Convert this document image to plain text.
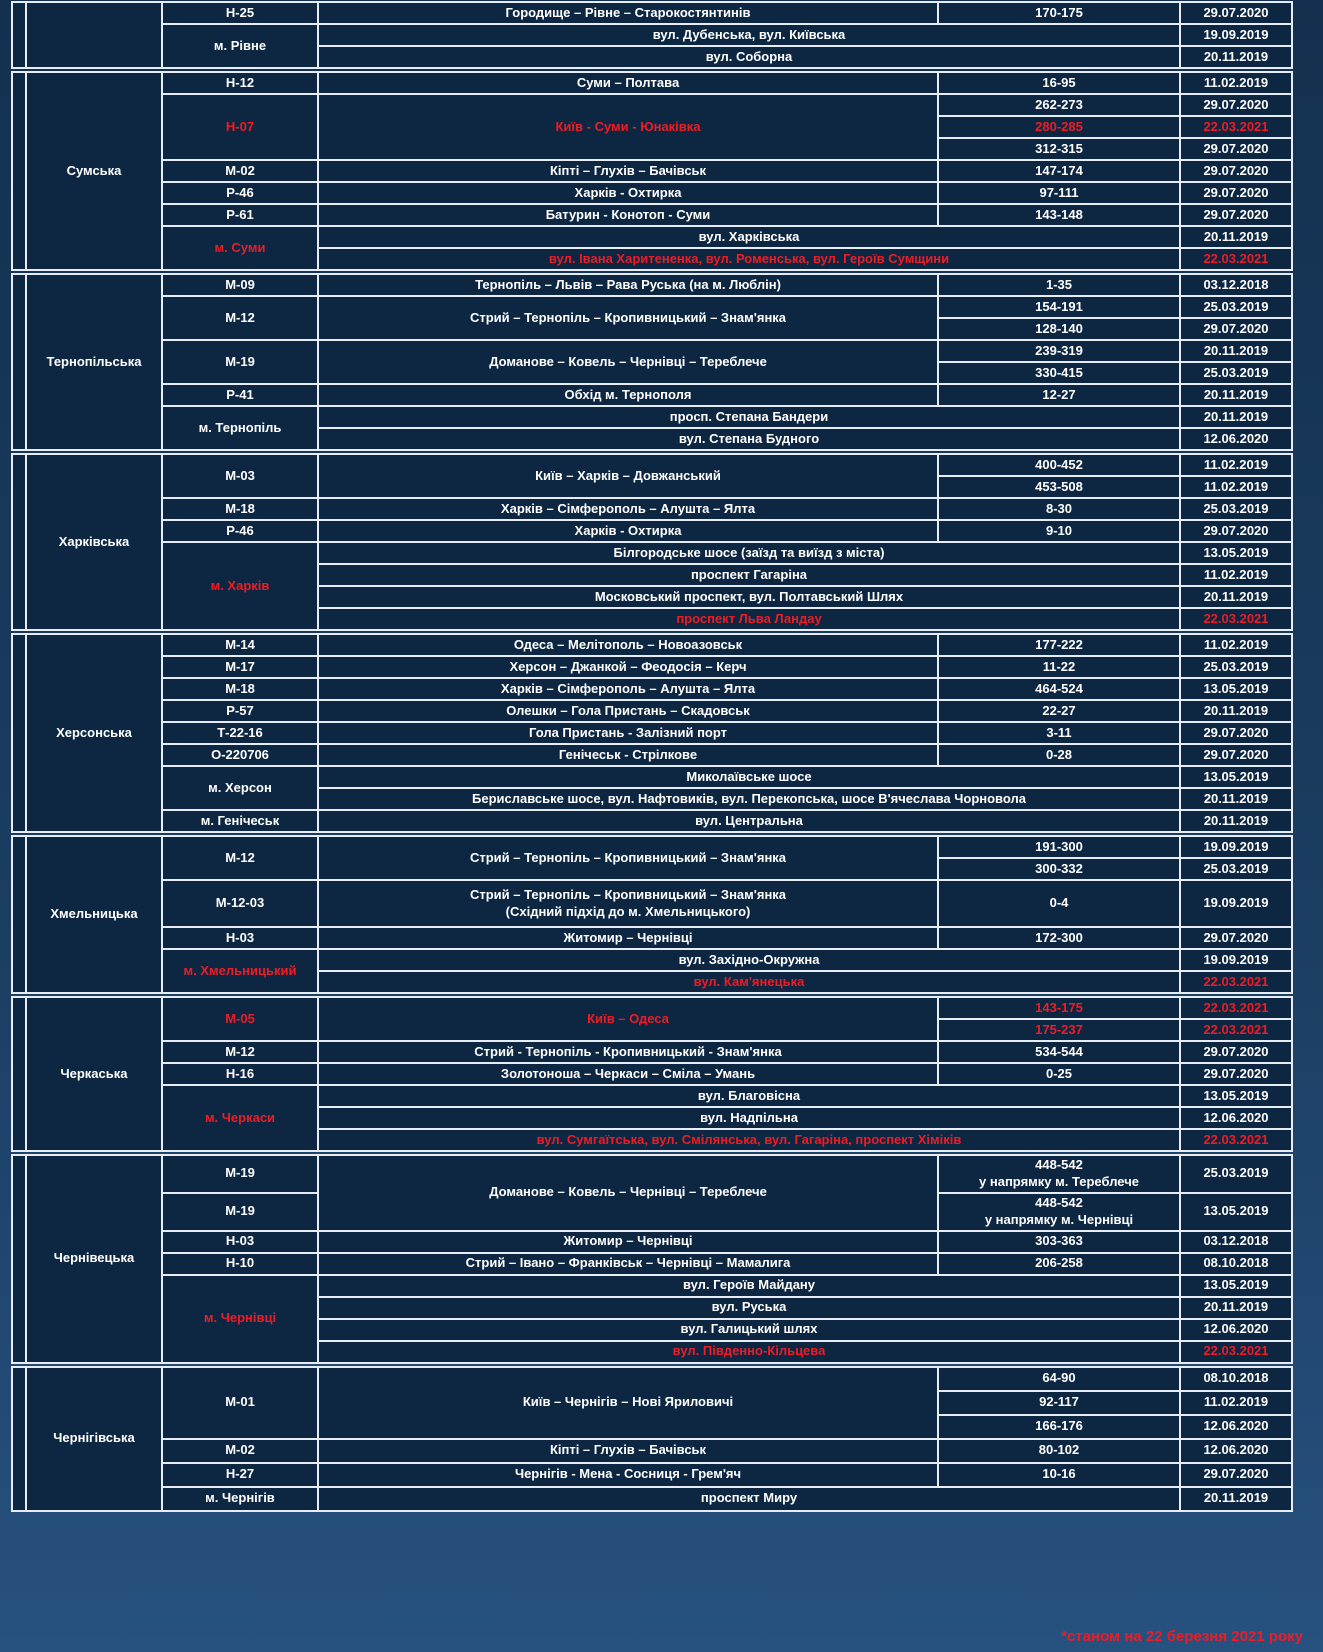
		Н-25	Городище – Рівне – Старокостянтинів	170-175	29.07.2020
		м. Рівне	вул. Дубенська, вул. Київська		19.09.2019
			вул. Соборна		20.11.2019
	Сумська	Н-12	Суми – Полтава	16-95	11.02.2019
		Н-07	Київ - Суми - Юнаківка	262-273	29.07.2020
				280-285	22.03.2021
				312-315	29.07.2020
		М-02	Кіпті – Глухів – Бачівськ	147-174	29.07.2020
		Р-46	Харків - Охтирка	97-111	29.07.2020
		Р-61	Батурин - Конотоп - Суми	143-148	29.07.2020
		м. Суми	вул. Харківська		20.11.2019
			вул. Івана Харитененка, вул. Роменська, вул. Героїв Сумщини		22.03.2021
	Тернопільська	М-09	Тернопіль – Львів – Рава Руська (на м. Люблін)	1-35	03.12.2018
		М-12	Стрий – Тернопіль – Кропивницький – Знам'янка	154-191	25.03.2019
				128-140	29.07.2020
		М-19	Доманове – Ковель – Чернівці – Тереблече	239-319	20.11.2019
				330-415	25.03.2019
		Р-41	Обхід м. Тернополя	12-27	20.11.2019
		м. Тернопіль	просп. Степана Бандери		20.11.2019
			вул. Степана Будного		12.06.2020
	Харківська	М-03	Київ – Харків – Довжанський	400-452	11.02.2019
				453-508	11.02.2019
		М-18	Харків – Сімферополь – Алушта – Ялта	8-30	25.03.2019
		Р-46	Харків - Охтирка	9-10	29.07.2020
		м. Харків	Білгородське шосе (заїзд та виїзд з міста)		13.05.2019
			проспект Гагаріна		11.02.2019
			Московський проспект, вул. Полтавський Шлях		20.11.2019
			проспект Льва Ландау		22.03.2021
	Херсонська	М-14	Одеса – Мелітополь – Новоазовськ	177-222	11.02.2019
		М-17	Херсон – Джанкой – Феодосія – Керч	11-22	25.03.2019
		М-18	Харків – Сімферополь – Алушта – Ялта	464-524	13.05.2019
		Р-57	Олешки – Гола Пристань – Скадовськ	22-27	20.11.2019
		Т-22-16	Гола Пристань - Залізний порт	3-11	29.07.2020
		О-220706	Генічеськ - Стрілкове	0-28	29.07.2020
		м. Херсон	Миколаївське шосе		13.05.2019
			Бериславське шосе, вул. Нафтовиків, вул. Перекопська, шосе В'ячеслава Чорновола		20.11.2019
		м. Генічеськ	вул. Центральна		20.11.2019
	Хмельницька	М-12	Стрий – Тернопіль – Кропивницький – Знам'янка	191-300	19.09.2019
				300-332	25.03.2019
		М-12-03	Стрий – Тернопіль – Кропивницький – Знам'янка
(Східний підхід до м. Хмельницького)	0-4	19.09.2019
		Н-03	Житомир – Чернівці	172-300	29.07.2020
		м. Хмельницький	вул. Західно-Окружна		19.09.2019
			вул. Кам'янецька		22.03.2021
	Черкаська	М-05	Київ – Одеса	143-175	22.03.2021
				175-237	22.03.2021
		М-12	Стрий - Тернопіль - Кропивницький - Знам'янка	534-544	29.07.2020
		Н-16	Золотоноша – Черкаси – Сміла – Умань	0-25	29.07.2020
		м. Черкаси	вул. Благовісна		13.05.2019
			вул. Надпільна		12.06.2020
			вул. Сумгаїтська, вул. Смілянська, вул. Гагаріна, проспект Хіміків		22.03.2021
	Чернівецька	М-19	Доманове – Ковель – Чернівці – Тереблече	448-542
у напрямку м. Тереблече	25.03.2019
		М-19		448-542
у напрямку м. Чернівці	13.05.2019
		Н-03	Житомир – Чернівці	303-363	03.12.2018
		Н-10	Стрий – Івано – Франківськ – Чернівці – Мамалига	206-258	08.10.2018
		м. Чернівці	вул. Героїв Майдану		13.05.2019
			вул. Руська		20.11.2019
			вул. Галицький шлях		12.06.2020
			вул. Південно-Кільцева		22.03.2021
	Чернігівська	М-01	Київ – Чернігів – Нові Яриловичі	64-90	08.10.2018
				92-117	11.02.2019
				166-176	12.06.2020
		М-02	Кіпті – Глухів – Бачівськ	80-102	12.06.2020
		Н-27	Чернігів - Мена - Сосниця - Грем'яч	10-16	29.07.2020
		м. Чернігів	проспект Миру		20.11.2019
*станом на 22 березня 2021 року
